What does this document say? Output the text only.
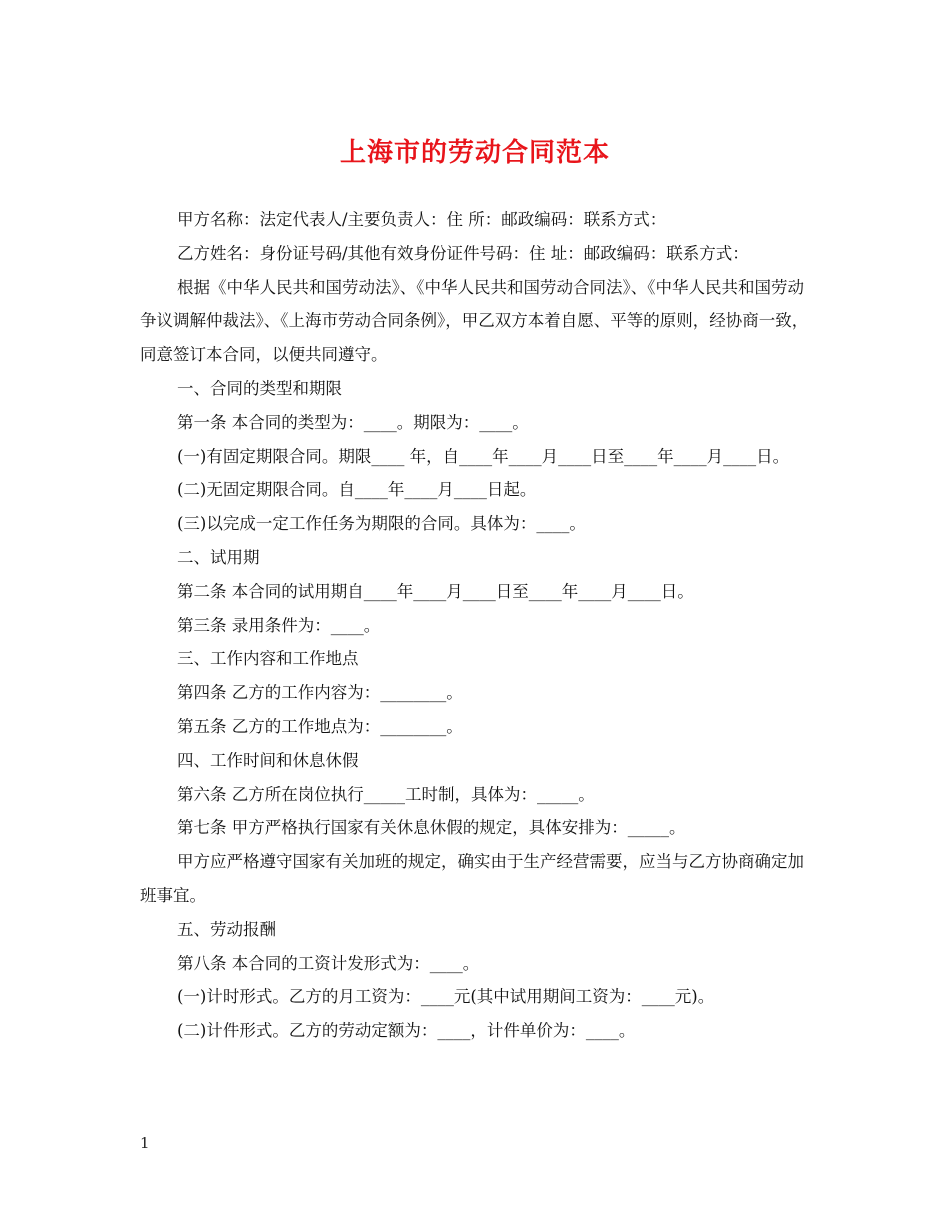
上海市的劳动合同范本

甲方名称：法定代表人/主要负责人：住 所：邮政编码：联系方式：

乙方姓名：身份证号码/其他有效身份证件号码：住 址：邮政编码：联系方式：

根据《中华人民共和国劳动法》、《中华人民共和国劳动合同法》、《中华人民共和国劳动争议调解仲裁法》、《上海市劳动合同条例》，甲乙双方本着自愿、平等的原则，经协商一致，同意签订本合同，以便共同遵守。

一、合同的类型和期限

第一条 本合同的类型为：____。期限为：____。

(一)有固定期限合同。期限____ 年，自____年____月____日至____年____月____日。

(二)无固定期限合同。自____年____月____日起。

(三)以完成一定工作任务为期限的合同。具体为：____。

二、试用期

第二条 本合同的试用期自____年____月____日至____年____月____日。

第三条 录用条件为：____。

三、工作内容和工作地点

第四条 乙方的工作内容为：________。

第五条 乙方的工作地点为：________。

四、工作时间和休息休假

第六条 乙方所在岗位执行_____工时制，具体为：_____。

第七条 甲方严格执行国家有关休息休假的规定，具体安排为：_____。

甲方应严格遵守国家有关加班的规定，确实由于生产经营需要，应当与乙方协商确定加班事宜。

五、劳动报酬

第八条 本合同的工资计发形式为：____。

(一)计时形式。乙方的月工资为：____元(其中试用期间工资为：____元)。

(二)计件形式。乙方的劳动定额为：____，计件单价为：____。

1
